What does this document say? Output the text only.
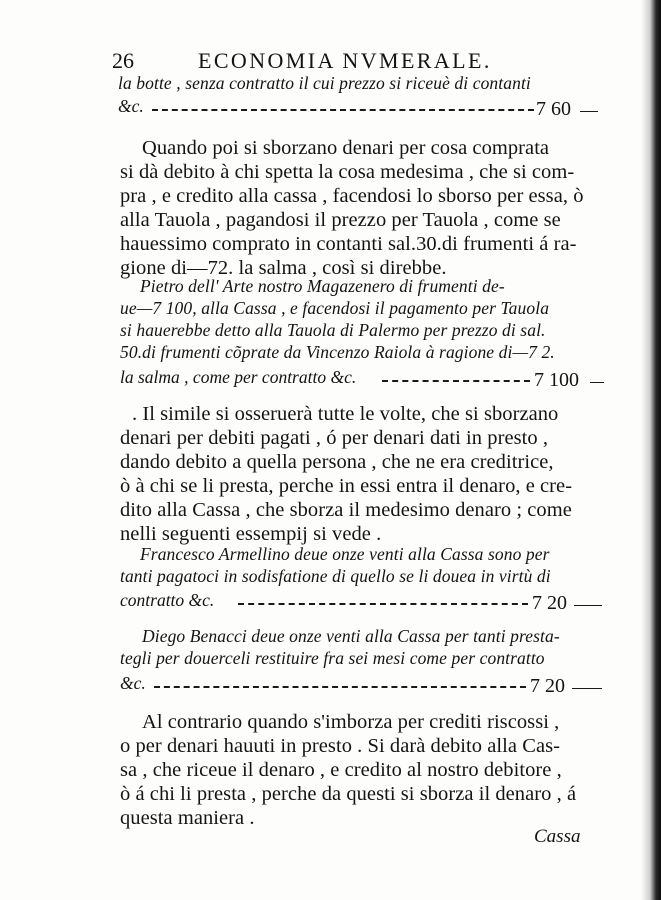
26	ECONOMIA NVMERALE.
la botte , senza contratto il cui prezzo si riceuè di contanti
&c.	7 60
Quando poi si sborzano denari per cosa comprata
si dà debito à chi spetta la cosa medesima , che si com-
pra , e credito alla cassa , facendosi lo sborso per essa, ò
alla Tauola , pagandosi il prezzo per Tauola , come se
hauessimo comprato in contanti sal.30.di frumenti á ra-
gione di—72. la salma , così si direbbe.
Pietro dell' Arte nostro Magazenero di frumenti de-
ue—7 100, alla Cassa , e facendosi il pagamento per Tauola
si hauerebbe detto alla Tauola di Palermo per prezzo di sal.
50.di frumenti cõprate da Vincenzo Raiola à ragione di—7 2.
la salma , come per contratto &c.	7 100
. Il simile si osseruerà tutte le volte, che si sborzano
denari per debiti pagati , ó per denari dati in presto ,
dando debito a quella persona , che ne era creditrice,
ò à chi se li presta, perche in essi entra il denaro, e cre-
dito alla Cassa , che sborza il medesimo denaro ; come
nelli seguenti essempij si vede .
Francesco Armellino deue onze venti alla Cassa sono per
tanti pagatoci in sodisfatione di quello se li douea in virtù di
contratto &c.	7 20
Diego Benacci deue onze venti alla Cassa per tanti presta-
tegli per douerceli restituire fra sei mesi come per contratto
&c.	7 20
Al contrario quando s'imborza per crediti riscossi ,
o per denari hauuti in presto . Si darà debito alla Cas-
sa , che riceue il denaro , e credito al nostro debitore ,
ò á chi li presta , perche da questi si sborza il denaro , á
questa maniera .
Cassa
